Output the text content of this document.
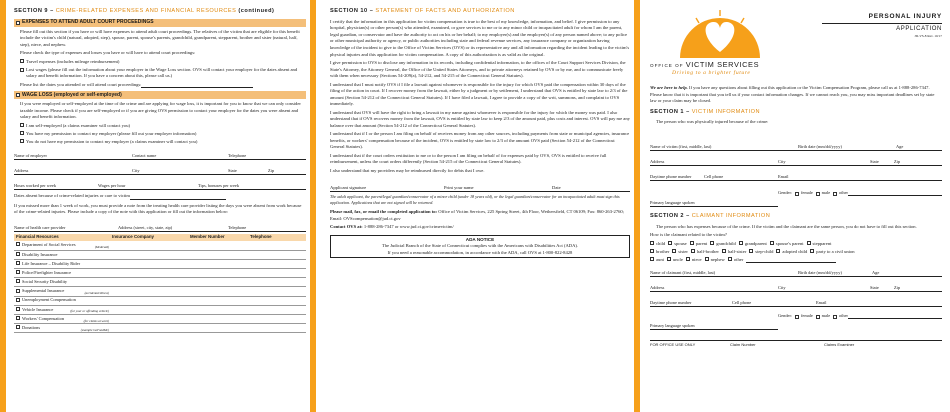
SECTION 9 – CRIME-RELATED EXPENSES AND FINANCIAL RESOURCES (continued)
EXPENSES TO ATTEND ADULT COURT PROCEEDINGS

Please fill out this section if you have or will have expenses to attend adult court proceedings. The relatives of the victim that are eligible for this benefit include the victim's child (natural, adopted, step), spouse, parent, spouse's parents, grandchild, grandparent, stepparent, brother and sister (natural, half, step), niece, and nephew.

Please check the type of expenses and losses you have or will have to attend court proceedings:

Travel expenses (includes mileage reimbursement)
Lost wages (please fill out the information about your employer in the Wage Loss section. OVS will contact your employer for the dates absent and salary and benefit information. If you have a concern about this, please call us.)
Please list the dates you attended or will attend court proceedings:
WAGE LOSS (employed or self-employed)

If you were employed or self-employed at the time of the crime and are applying for wage loss, it is important for you to know that we can only consider taxable income. Please check if you are self-employed or if you are giving OVS permission to contact your employer for the dates you were absent and salary and benefit information.

I am self-employed (a claims examiner will contact you)
You have my permission to contact my employer (please fill out your employer information)
You do not have my permission to contact my employer (a claims examiner will contact you)
Name of employer	Contact name	Telephone
Address	City	State	Zip
Hours worked per week	Wages per hour	Tips, bonuses per week
Dates absent because of crime-related injuries or care to victim

If you missed more than 1 week of work, you must provide a note from the treating health care provider listing the days you were absent from work because of the crime-related injuries. Please include a copy of the note with this application or fill out the information below:

Name of health care provider	Address (street, city, state, zip)	Telephone
Financial Resources	Insurance Company	Member Number	Telephone
Department of Social Services (Medicaid)			

Disability Insurance			
Life Insurance – Disability Rider			
Police/Firefighter Insurance			
Social Security Disability			
Supplemental Insurance (accidental/illness)			

Unemployment Compensation			
Vehicle Insurance (for your or offending vehicle)			

Workers' Compensation (for claims at work)			

Donations (example GoFundMe)			

SECTION 10 – STATEMENT OF FACTS AND AUTHORIZATION

I certify that the information in this application for victim compensation is true to the best of my knowledge, information, and belief. I give permission to any hospital, physician(s) or other person(s) who attended, examined, or gave services to me or to any minor child or incapacitated adult for whom I am the parent, legal guardian, or conservator and have the authority to act on his or her behalf; to my employer(s) and the employer(s) of any person named above; to any police or other municipal authority or agency, or public authorities including state and federal revenue services, any insurance company or organization having knowledge of the incident to give to the Office of Victim Services (OVS) or its representative any and all information regarding the incident leading to the victim's physical injuries and this application for victim compensation. A copy of this authorization is as valid as the original.

I give permission to OVS to disclose any information in its records, including confidential information, to the offices of the Court Support Services Division, the State's Attorney, the Attorney General, the Office of the United States Attorneys, and to private attorneys retained by OVS or by me, and to communicate freely with them when necessary (Sections 54-209(a), 54-212, and 54-215 of the Connecticut General Statutes).

I understand that I must notify OVS if I file a lawsuit against whomever is responsible for the injury for which OVS paid the compensation within 30 days of the filing of the action in court. If I recover money from the lawsuit, either by a judgment or by settlement, I understand that OVS is entitled by state law to 2/3 of the amount (Section 54-212 of the Connecticut General Statutes). If I have filed a lawsuit, I agree to provide a copy of the writ, summons, and complaint to OVS immediately.

I understand that OVS will have the right to bring a lawsuit in my name against whomever is responsible for the injury for which the money was paid. I also understand that if OVS recovers money from the lawsuit, OVS is entitled by state law to keep 2/3 of the amount paid, plus costs and interest. OVS will pay me any balance over that amount (Section 54-212 of the Connecticut General Statutes).

I understand that if I or the person I am filing on behalf of receives money from any other sources, including payments from state or municipal agencies, insurance benefits, or workers' compensation because of the incident, OVS is entitled by state law to 2/3 of the amount OVS paid (Section 54-212 of the Connecticut General Statutes).

I understand that if the court orders restitution to me or to the person I am filing on behalf of for expenses paid by OVS, OVS is entitled to receive full reimbursement, unless the court orders differently (Section 54-215 of the Connecticut General Statutes).

I also understand that my providers may be reimbursed directly for debts that I owe.

Applicant signature	Print your name	Date

The adult applicant, the parent/legal guardian/conservator of a minor child (under 18 years old), or the legal guardian/conservator for an incapacitated adult must sign this application. Applications that are not signed will be returned.

Please mail, fax, or email the completed application to: Office of Victim Services, 225 Spring Street, 4th Floor, Wethersfield, CT 06109; Fax: 860-263-2760; Email: OVScompensation@jud.ct.gov

Contact OVS at: 1-888-286-7347 or www.jud.ct.gov/crimevictim/

ADA NOTICE
The Judicial Branch of the State of Connecticut complies with the Americans with Disabilities Act (ADA).
If you need a reasonable accommodation, in accordance with the ADA, call OVS at 1-800-822-8428
OFFICE OF VICTIM SERVICES
Driving to a brighter future
PERSONAL INJURY
APPLICATION
JD-VS-8 Rev. 10/17

We are here to help. If you have any questions about filling out this application or the Victim Compensation Program, please call us at 1-888-286-7347. Please know that it is important that you tell us if your contact information changes. If we cannot reach you, you may miss important deadlines set by state law or your claim may be closed.

SECTION 1 – VICTIM INFORMATION

The person who was physically injured because of the crime:

Name of victim (first, middle, last)	Birth date (mm/dd/yyyy)	Age
Address	City	State	Zip
Daytime phone number	Cell phone	Email
Gender: female male other
Primary language spoken
SECTION 2 – CLAIMANT INFORMATION

The person who has expenses because of the crime. If the victim and the claimant are the same person, you do not have to fill out this section.

How is the claimant related to the victim?

child spouse parent grandchild grandparent spouse's parent stepparent
brother sister half-brother half-sister step-child adopted child party to a civil union
aunt uncle niece nephew other
Name of claimant (first, middle, last)	Birth date (mm/dd/yyyy)	Age
Address	City	State	Zip
Daytime phone number	Cell phone	Email
Gender: female male other
Primary language spoken
FOR OFFICE USE ONLY	Claim Number	Claims Examiner
